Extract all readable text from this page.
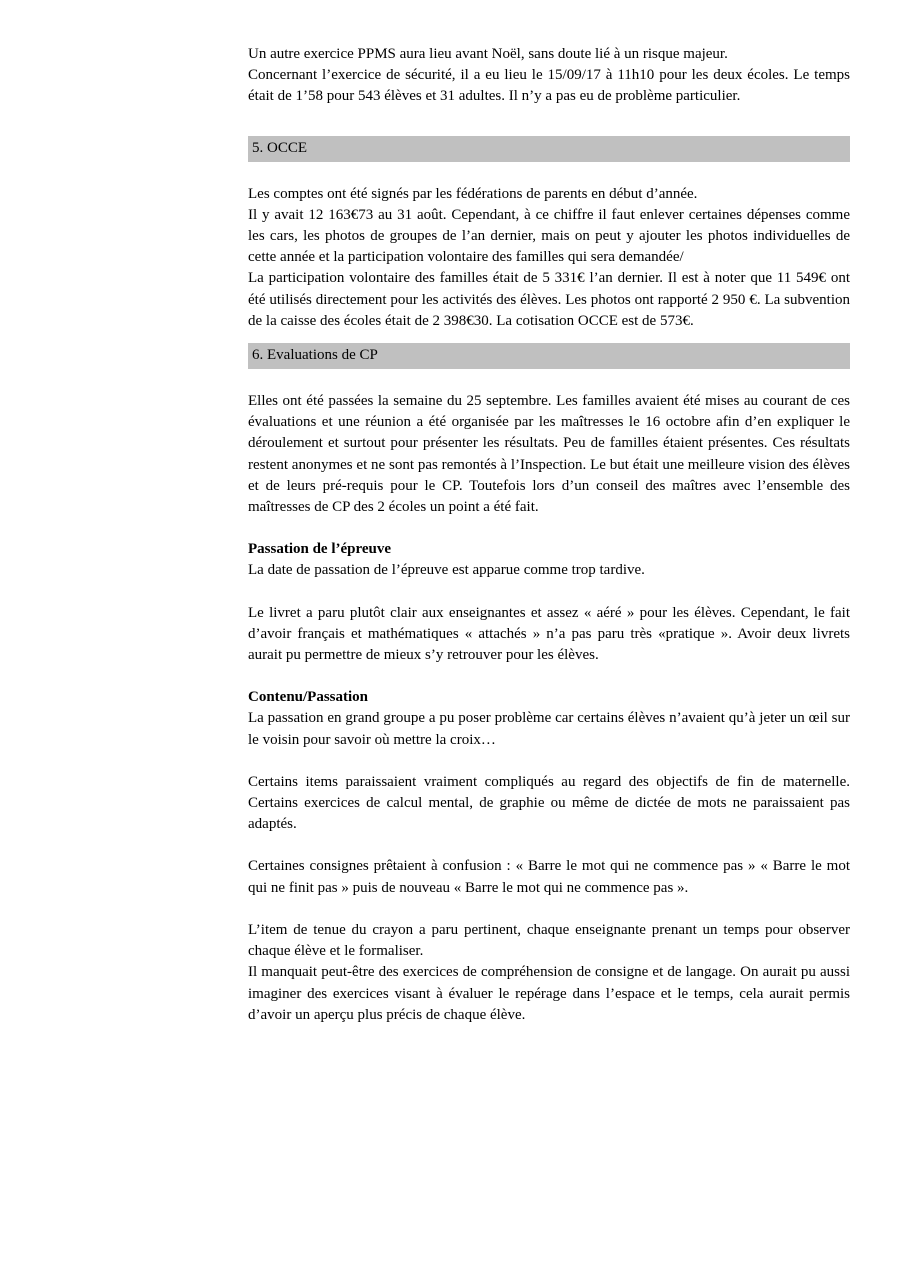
Un autre exercice PPMS aura lieu avant Noël, sans doute lié à un risque majeur.

Concernant l’exercice de sécurité, il a eu lieu le 15/09/17 à 11h10 pour les deux écoles. Le temps était de 1’58 pour 543 élèves et 31 adultes. Il n’y a pas eu de problème particulier.

5. OCCE

Les comptes ont été signés par les fédérations de parents en début d’année.

Il y avait 12 163€73 au 31 août. Cependant, à ce chiffre il faut enlever certaines dépenses comme les cars, les photos de groupes de l’an dernier, mais on peut y ajouter les photos individuelles de cette année et la participation volontaire des familles qui sera demandée/

La participation volontaire des familles était de 5 331€ l’an dernier. Il est à noter que 11 549€ ont été utilisés directement pour les activités des élèves. Les photos ont rapporté 2 950 €. La subvention de la caisse des écoles était de 2 398€30. La cotisation OCCE est de 573€.

6. Evaluations de CP

Elles ont été passées la semaine du 25 septembre. Les familles avaient été mises au courant de ces évaluations et une réunion a été organisée par les maîtresses le 16 octobre afin d’en expliquer le déroulement et surtout pour présenter les résultats. Peu de familles étaient présentes. Ces résultats restent anonymes et ne sont pas remontés à l’Inspection. Le but était une meilleure vision des élèves et de leurs pré-requis pour le CP. Toutefois lors d’un conseil des maîtres avec l’ensemble des maîtresses de CP des 2 écoles un point a été fait.

Passation de l’épreuve

La date de passation de l’épreuve est apparue comme trop tardive.

Le livret a paru plutôt clair aux enseignantes et assez « aéré » pour les élèves. Cependant, le fait d’avoir français et mathématiques « attachés » n’a pas paru très «pratique ». Avoir deux livrets aurait pu permettre de mieux s’y retrouver pour les élèves.

Contenu/Passation

La passation en grand groupe a pu poser problème car certains élèves n’avaient qu’à jeter un œil sur le voisin pour savoir où mettre la croix…

Certains items paraissaient vraiment compliqués au regard des objectifs de fin de maternelle. Certains exercices de calcul mental, de graphie ou même de dictée de mots ne paraissaient pas adaptés.

Certaines consignes prêtaient à confusion : « Barre le mot qui ne commence pas » « Barre le mot qui ne finit pas » puis de nouveau « Barre le mot qui ne commence pas ».

L’item de tenue du crayon a paru pertinent, chaque enseignante prenant un temps pour observer chaque élève et le formaliser.

Il manquait peut-être des exercices de compréhension de consigne et de langage. On aurait pu aussi imaginer des exercices visant à évaluer le repérage dans l’espace et le temps, cela aurait permis d’avoir un aperçu plus précis de chaque élève.
